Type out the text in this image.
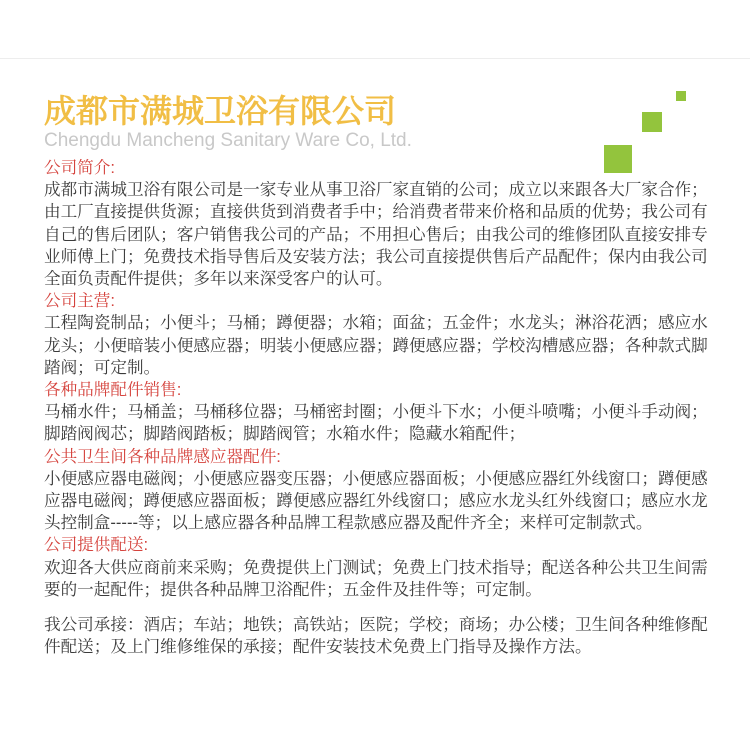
成都市满城卫浴有限公司
Chengdu Mancheng Sanitary Ware Co, Ltd.
公司简介:
成都市满城卫浴有限公司是一家专业从事卫浴厂家直销的公司；成立以来跟各大厂家合作；由工厂直接提供货源；直接供货到消费者手中；给消费者带来价格和品质的优势；我公司有自己的售后团队；客户销售我公司的产品；不用担心售后；由我公司的维修团队直接安排专业师傅上门；免费技术指导售后及安装方法；我公司直接提供售后产品配件；保内由我公司全面负责配件提供；多年以来深受客户的认可。
公司主营:
工程陶瓷制品；小便斗；马桶；蹲便器；水箱；面盆；五金件；水龙头；淋浴花洒；感应水龙头；小便暗装小便感应器；明装小便感应器；蹲便感应器；学校沟槽感应器；各种款式脚踏阀；可定制。
各种品牌配件销售:
马桶水件；马桶盖；马桶移位器；马桶密封圈；小便斗下水；小便斗喷嘴；小便斗手动阀；脚踏阀阀芯；脚踏阀踏板；脚踏阀管；水箱水件；隐藏水箱配件；
公共卫生间各种品牌感应器配件:
小便感应器电磁阀；小便感应器变压器；小便感应器面板；小便感应器红外线窗口；蹲便感应器电磁阀；蹲便感应器面板；蹲便感应器红外线窗口；感应水龙头红外线窗口；感应水龙头控制盒-----等；以上感应器各种品牌工程款感应器及配件齐全；来样可定制款式。
公司提供配送:
欢迎各大供应商前来采购；免费提供上门测试；免费上门技术指导；配送各种公共卫生间需要的一起配件；提供各种品牌卫浴配件；五金件及挂件等；可定制。
我公司承接：酒店；车站；地铁；高铁站；医院；学校；商场；办公楼；卫生间各种维修配件配送；及上门维修维保的承接；配件安装技术免费上门指导及操作方法。
